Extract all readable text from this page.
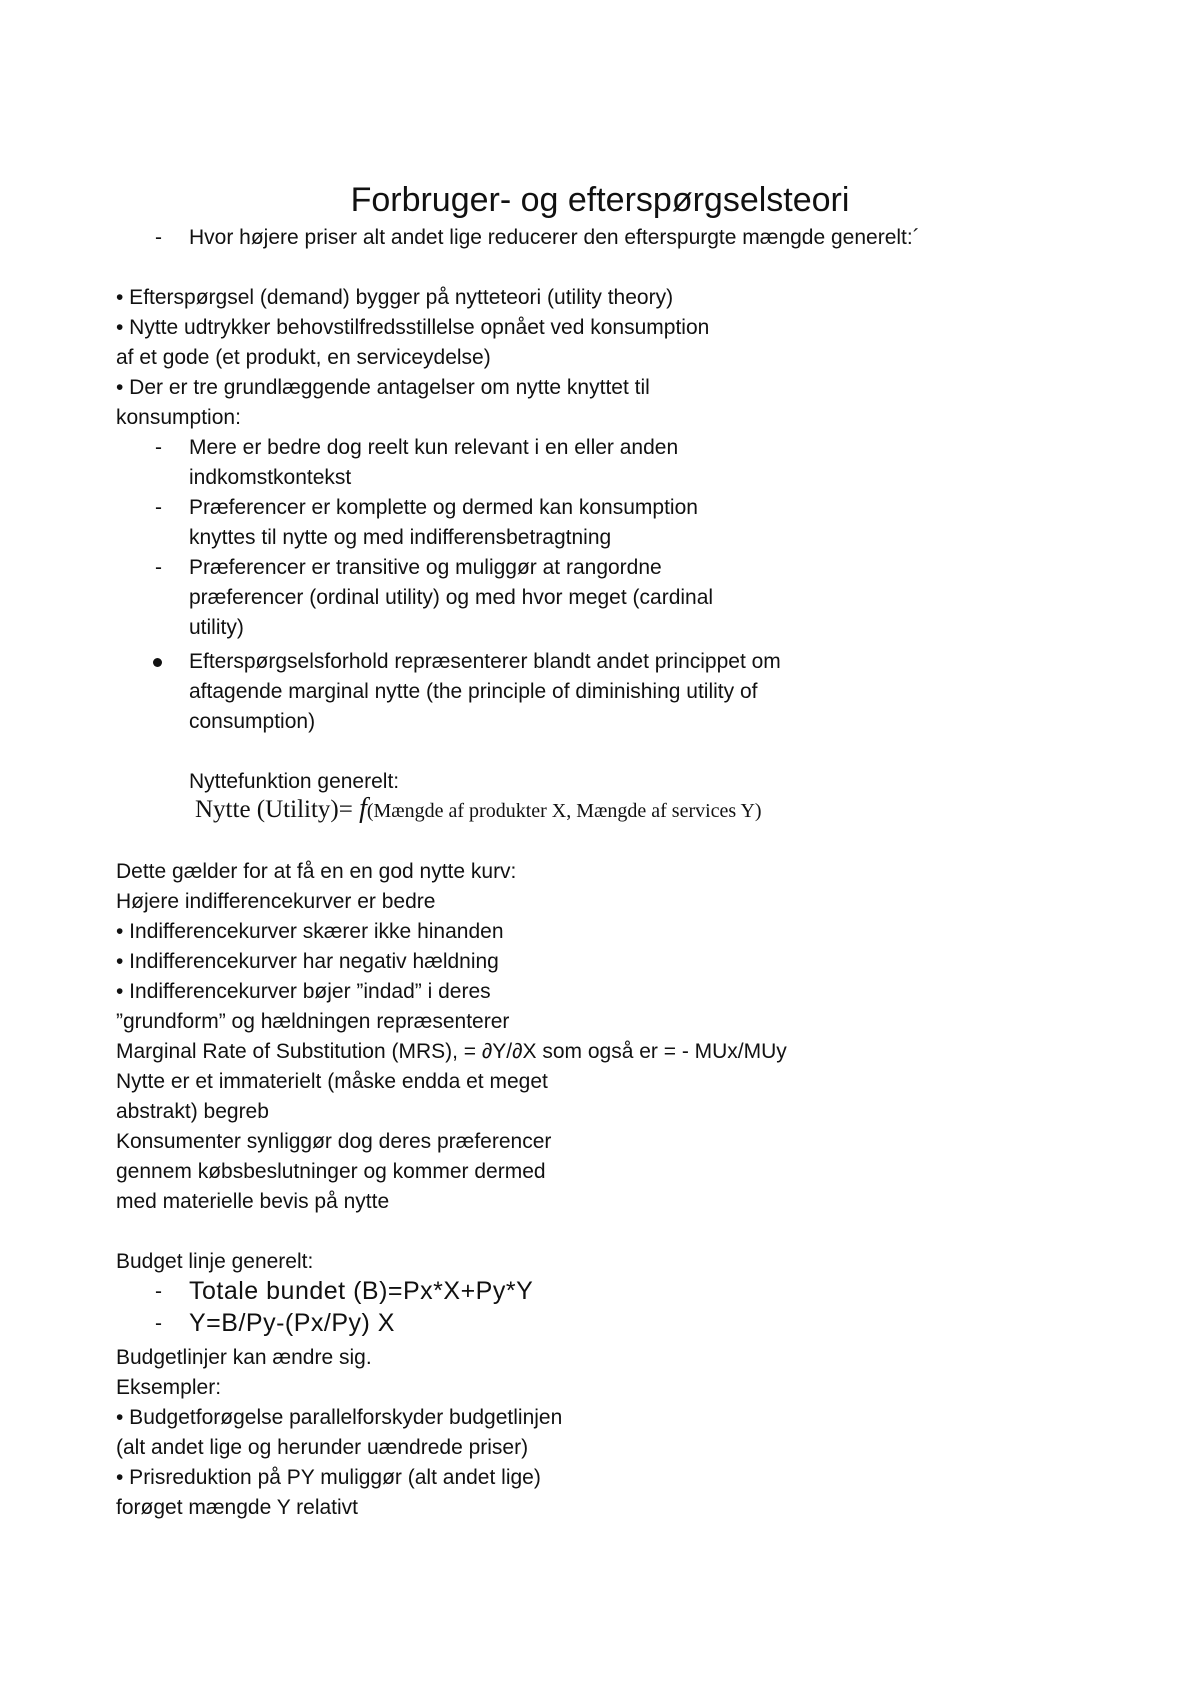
Forbruger- og efterspørgselsteori
- Hvor højere priser alt andet lige reducerer den efterspurgte mængde generelt:´

• Efterspørgsel (demand) bygger på nytteteori (utility theory)

• Nytte udtrykker behovstilfredsstillelse opnået ved konsumption

af et gode (et produkt, en serviceydelse)

• Der er tre grundlæggende antagelser om nytte knyttet til

konsumption:

- Mere er bedre dog reelt kun relevant i en eller anden

indkomstkontekst

- Præferencer er komplette og dermed kan konsumption

knyttes til nytte og med indifferensbetragtning

- Præferencer er transitive og muliggør at rangordne

præferencer (ordinal utility) og med hvor meget (cardinal

utility)

Efterspørgselsforhold repræsenterer blandt andet princippet om

aftagende marginal nytte (the principle of diminishing utility of

consumption)

Nyttefunktion generelt:

Nytte (Utility)= f(Mængde af produkter X, Mængde af services Y)

Dette gælder for at få en en god nytte kurv:

Højere indifferencekurver er bedre

• Indifferencekurver skærer ikke hinanden

• Indifferencekurver har negativ hældning

• Indifferencekurver bøjer ”indad” i deres

”grundform” og hældningen repræsenterer

Marginal Rate of Substitution (MRS), = ∂Y/∂X som også er = - MUx/MUy

Nytte er et immaterielt (måske endda et meget

abstrakt) begreb

Konsumenter synliggør dog deres præferencer

gennem købsbeslutninger og kommer dermed

med materielle bevis på nytte

Budget linje generelt:

- Totale bundet (B)=Px*X+Py*Y

- Y=B/Py-(Px/Py) X

Budgetlinjer kan ændre sig.

Eksempler:

• Budgetforøgelse parallelforskyder budgetlinjen

(alt andet lige og herunder uændrede priser)

• Prisreduktion på PY muliggør (alt andet lige)

forøget mængde Y relativt
